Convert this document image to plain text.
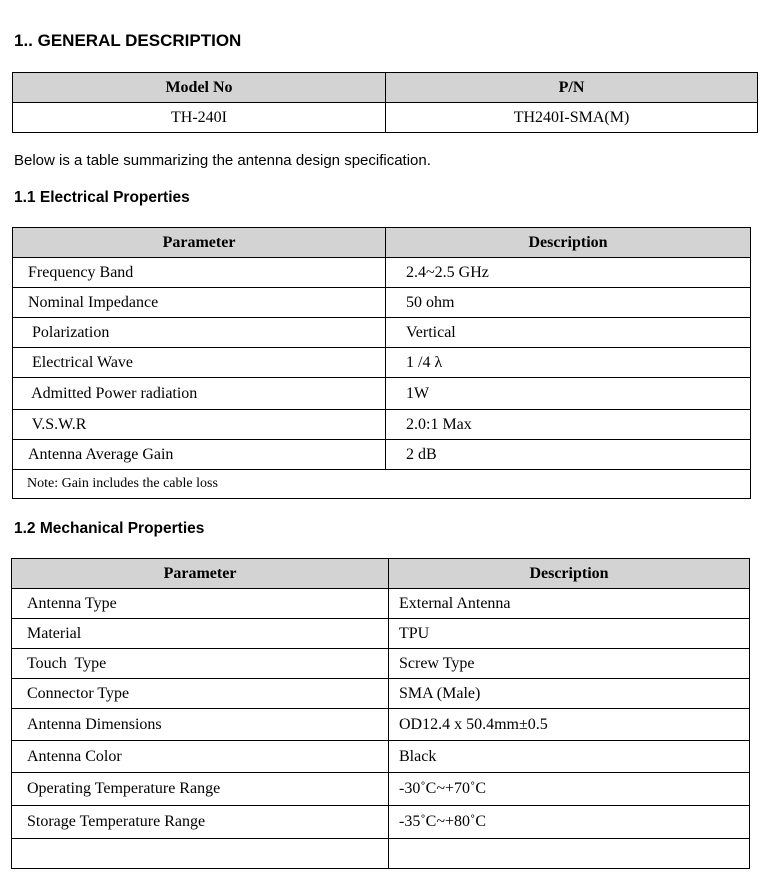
1.. GENERAL DESCRIPTION
Model No	P/N
TH-240I	TH240I-SMA(M)
Below is a table summarizing the antenna design specification.
1.1 Electrical Properties
Parameter	Description
Frequency Band	2.4~2.5 GHz
Nominal Impedance	50 ohm
Polarization	Vertical
Electrical Wave	1 /4 λ
Admitted Power radiation	1W
V.S.W.R	2.0:1 Max
Antenna Average Gain	2 dB
Note: Gain includes the cable loss	
1.2 Mechanical Properties
Parameter	Description
Antenna Type	External Antenna
Material	TPU
Touch  Type	Screw Type
Connector Type	SMA (Male)
Antenna Dimensions	OD12.4 x 50.4mm±0.5
Antenna Color	Black
Operating Temperature Range	-30˚C~+70˚C
Storage Temperature Range	-35˚C~+80˚C
